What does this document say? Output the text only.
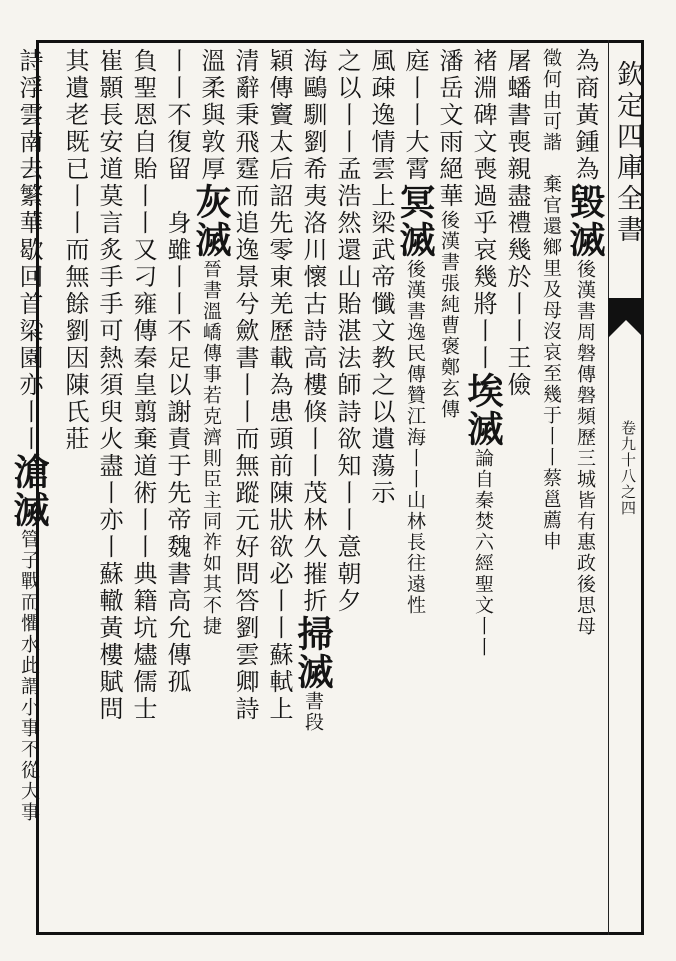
欽定四庫全書
卷九十八之四
為商黃鍾為毀滅後漢書周磐傳磐頻歷三城皆有惠政後思母
徵何由可諧　棄官還鄉里及母沒哀至幾于丨丨蔡邕薦申
屠蟠書喪親盡禮幾於丨丨王儉
褚淵碑文喪過乎哀幾將丨丨埃滅論自秦焚六經聖文丨丨
潘岳文雨絕華後漢書張純曹褒鄭玄傳
庭丨丨大霄冥滅後漢書逸民傳贊江海丨丨山林長往遠性
風疎逸情雲上梁武帝懺文教之以遺蕩示
之以丨丨孟浩然還山貽湛法師詩欲知丨丨意朝夕
海鷗馴劉希夷洛川懷古詩高樓倏丨丨茂林久摧折掃滅書段
穎傳竇太后詔先零東羌歷載為患頭前陳狀欲必丨丨蘇軾上
清辭秉飛霆而追逸景兮歛書丨丨而無蹤元好問答劉雲卿詩
溫柔與敦厚灰滅晉書溫嶠傳事若克濟則臣主同祚如其不捷
丨丨不復留　身雖丨丨不足以謝責于先帝魏書高允傳孤
負聖恩自貽丨丨又刁雍傳秦皇翦棄道術丨丨典籍坑燼儒士
崔顥長安道莫言炙手手可熱須臾火盡丨亦丨蘇轍黃樓賦問
其遺老既已丨丨而無餘劉因陳氏莊
詩浮雲南去繁華歇回首梁園亦丨丨滄滅管子戰而懼水此謂小事不從大事
